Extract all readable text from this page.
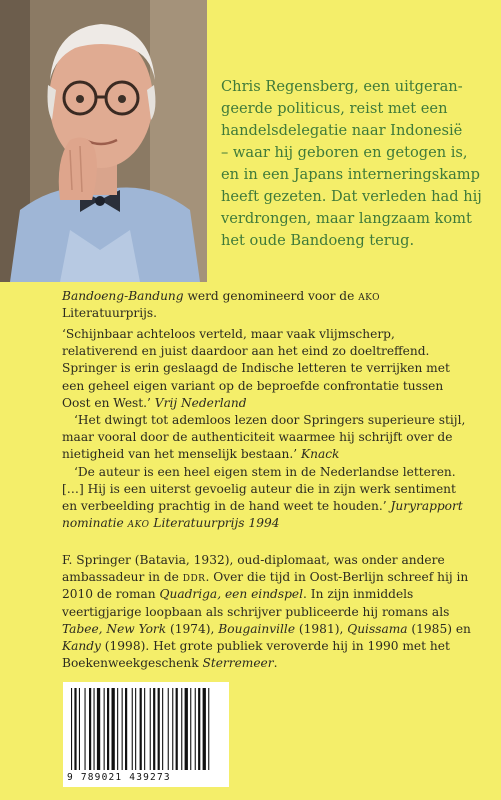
Chris Regensberg, een uitgeran-

geerde politicus, reist met een

handelsdelegatie naar Indonesië

– waar hij geboren en getogen is,

en in een Japans interneringskamp

heeft gezeten. Dat verleden had hij

verdrongen, maar langzaam komt

het oude Bandoeng terug.

Bandoeng-Bandung werd genomineerd voor de ako Literatuurprijs.

‘Schijnbaar achteloos verteld, maar vaak vlijmscherp, relativerend en juist daardoor aan het eind zo doeltreffend. Springer is erin geslaagd de Indische letteren te verrijken met een geheel eigen variant op de beproefde confrontatie tussen Oost en West.’ Vrij Nederland

‘Het dwingt tot ademloos lezen door Springers superieure stijl, maar vooral door de authenticiteit waarmee hij schrijft over de nietigheid van het menselijk bestaan.’ Knack

‘De auteur is een heel eigen stem in de Nederlandse letteren. […] Hij is een uiterst gevoelig auteur die in zijn werk sentiment en verbeelding prachtig in de hand weet te houden.’ Juryrapport nominatie ako Literatuurprijs 1994

F. Springer (Batavia, 1932), oud-diplomaat, was onder andere ambassadeur in de ddr. Over die tijd in Oost-Berlijn schreef hij in 2010 de roman Quadriga, een eindspel. In zijn inmiddels veertigjarige loopbaan als schrijver publiceerde hij romans als Tabee, New York (1974), Bougainville (1981), Quissama (1985) en Kandy (1998). Het grote publiek veroverde hij in 1990 met het Boekenweekgeschenk Sterremeer.

9 789021 439273
